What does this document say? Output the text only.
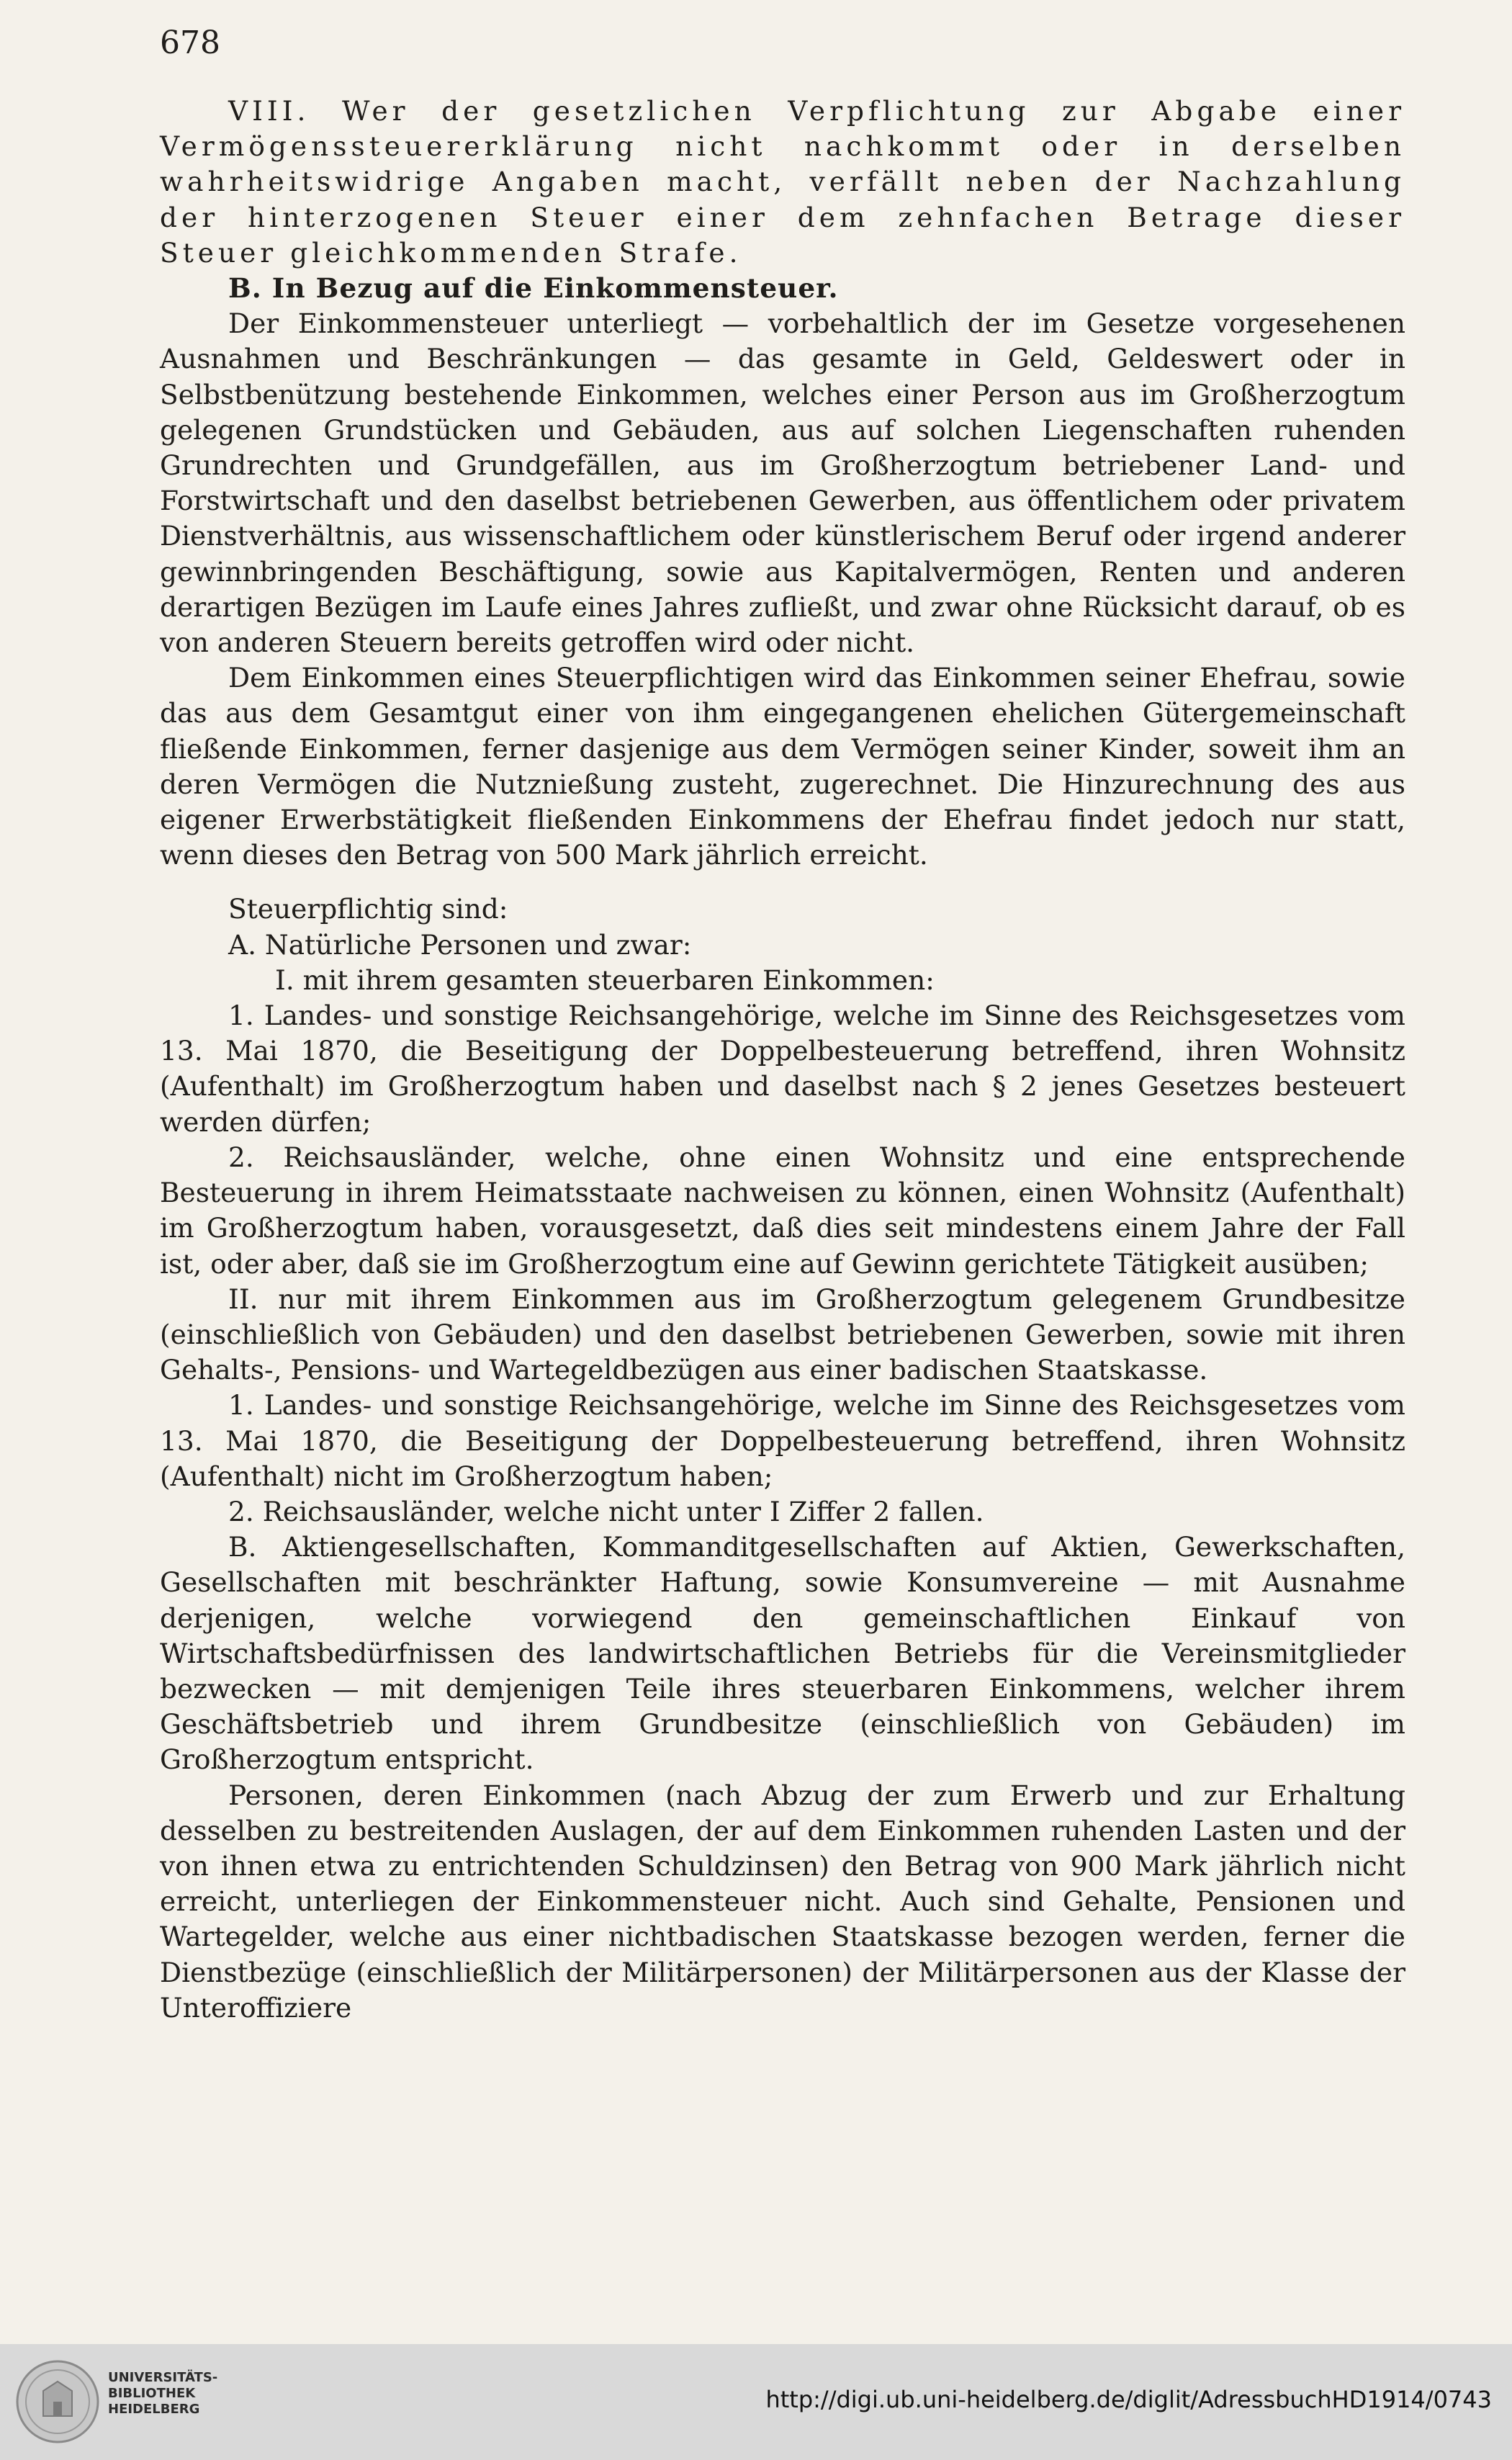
678

VIII. Wer der gesetzlichen Verpflichtung zur Abgabe einer Vermögenssteuererklärung nicht nachkommt oder in derselben wahrheitswidrige Angaben macht, verfällt neben der Nachzahlung der hinterzogenen Steuer einer dem zehnfachen Betrage dieser Steuer gleichkommenden Strafe.

B. In Bezug auf die Einkommensteuer.

Der Einkommensteuer unterliegt — vorbehaltlich der im Gesetze vorgesehenen Ausnahmen und Beschränkungen — das gesamte in Geld, Geldeswert oder in Selbstbenützung bestehende Einkommen, welches einer Person aus im Großherzogtum gelegenen Grundstücken und Gebäuden, aus auf solchen Liegenschaften ruhenden Grundrechten und Grundgefällen, aus im Großherzogtum betriebener Land- und Forstwirtschaft und den daselbst betriebenen Gewerben, aus öffentlichem oder privatem Dienstverhältnis, aus wissenschaftlichem oder künstlerischem Beruf oder irgend anderer gewinnbringenden Beschäftigung, sowie aus Kapitalvermögen, Renten und anderen derartigen Bezügen im Laufe eines Jahres zufließt, und zwar ohne Rücksicht darauf, ob es von anderen Steuern bereits getroffen wird oder nicht.

Dem Einkommen eines Steuerpflichtigen wird das Einkommen seiner Ehefrau, sowie das aus dem Gesamtgut einer von ihm eingegangenen ehelichen Gütergemeinschaft fließende Einkommen, ferner dasjenige aus dem Vermögen seiner Kinder, soweit ihm an deren Vermögen die Nutznießung zusteht, zugerechnet. Die Hinzurechnung des aus eigener Erwerbstätigkeit fließenden Einkommens der Ehefrau findet jedoch nur statt, wenn dieses den Betrag von 500 Mark jährlich erreicht.

Steuerpflichtig sind:

A. Natürliche Personen und zwar:

I. mit ihrem gesamten steuerbaren Einkommen:

1. Landes- und sonstige Reichsangehörige, welche im Sinne des Reichsgesetzes vom 13. Mai 1870, die Beseitigung der Doppelbesteuerung betreffend, ihren Wohnsitz (Aufenthalt) im Großherzogtum haben und daselbst nach § 2 jenes Gesetzes besteuert werden dürfen;

2. Reichsausländer, welche, ohne einen Wohnsitz und eine entsprechende Besteuerung in ihrem Heimatsstaate nachweisen zu können, einen Wohnsitz (Aufenthalt) im Großherzogtum haben, vorausgesetzt, daß dies seit mindestens einem Jahre der Fall ist, oder aber, daß sie im Großherzogtum eine auf Gewinn gerichtete Tätigkeit ausüben;

II. nur mit ihrem Einkommen aus im Großherzogtum gelegenem Grundbesitze (einschließlich von Gebäuden) und den daselbst betriebenen Gewerben, sowie mit ihren Gehalts-, Pensions- und Wartegeldbezügen aus einer badischen Staatskasse.

1. Landes- und sonstige Reichsangehörige, welche im Sinne des Reichsgesetzes vom 13. Mai 1870, die Beseitigung der Doppelbesteuerung betreffend, ihren Wohnsitz (Aufenthalt) nicht im Großherzogtum haben;

2. Reichsausländer, welche nicht unter I Ziffer 2 fallen.

B. Aktiengesellschaften, Kommanditgesellschaften auf Aktien, Gewerkschaften, Gesellschaften mit beschränkter Haftung, sowie Konsumvereine — mit Ausnahme derjenigen, welche vorwiegend den gemeinschaftlichen Einkauf von Wirtschaftsbedürfnissen des landwirtschaftlichen Betriebs für die Vereinsmitglieder bezwecken — mit demjenigen Teile ihres steuerbaren Einkommens, welcher ihrem Geschäftsbetrieb und ihrem Grundbesitze (einschließlich von Gebäuden) im Großherzogtum entspricht.

Personen, deren Einkommen (nach Abzug der zum Erwerb und zur Erhaltung desselben zu bestreitenden Auslagen, der auf dem Einkommen ruhenden Lasten und der von ihnen etwa zu entrichtenden Schuldzinsen) den Betrag von 900 Mark jährlich nicht erreicht, unterliegen der Einkommensteuer nicht. Auch sind Gehalte, Pensionen und Wartegelder, welche aus einer nichtbadischen Staatskasse bezogen werden, ferner die Dienstbezüge (einschließlich der Militärpersonen) der Militärpersonen aus der Klasse der Unteroffiziere

UNIVERSITÄTS-
BIBLIOTHEK
HEIDELBERG	http://digi.ub.uni-heidelberg.de/diglit/AdressbuchHD1914/0743
